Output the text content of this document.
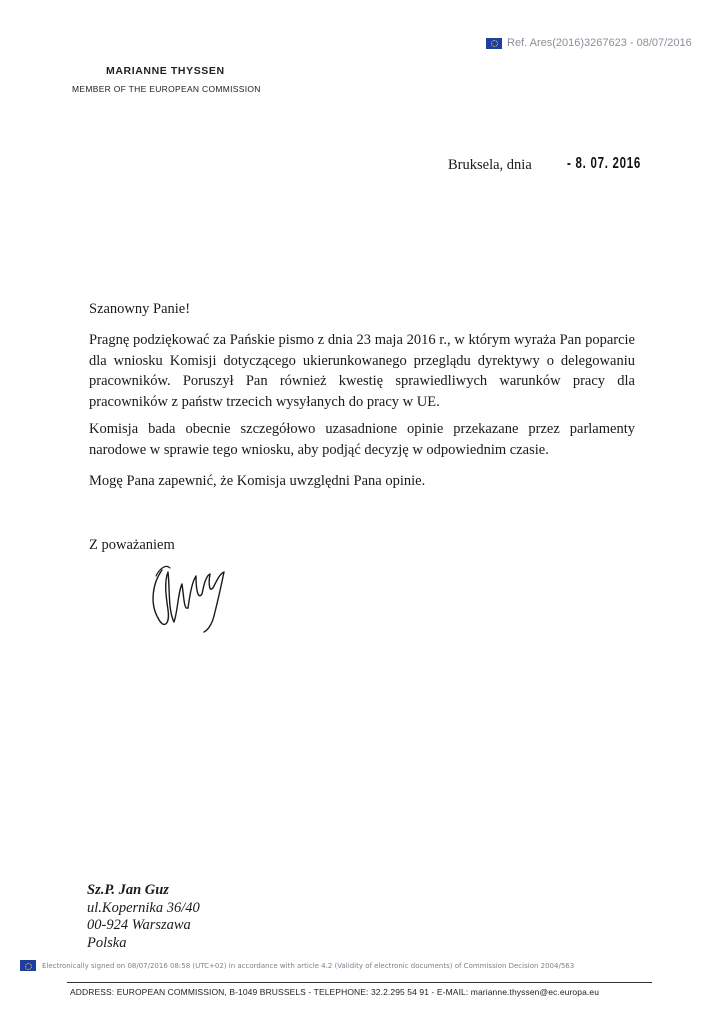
Ref. Ares(2016)3267623 - 08/07/2016
MARIANNE THYSSEN
MEMBER OF THE EUROPEAN COMMISSION
Bruksela, dnia - 8. 07. 2016

Szanowny Panie!

Pragnę podziękować za Pańskie pismo z dnia 23 maja 2016 r., w którym wyraża Pan poparcie dla wniosku Komisji dotyczącego ukierunkowanego przeglądu dyrektywy o delegowaniu pracowników. Poruszył Pan również kwestię sprawiedliwych warunków pracy dla pracowników z państw trzecich wysyłanych do pracy w UE.

Komisja bada obecnie szczegółowo uzasadnione opinie przekazane przez parlamenty narodowe w sprawie tego wniosku, aby podjąć decyzję w odpowiednim czasie.

Mogę Pana zapewnić, że Komisja uwzględni Pana opinie.

Z poważaniem

Sz.P. Jan Guz
ul.Kopernika 36/40
00-924 Warszawa
Polska
Electronically signed on 08/07/2016 08:58 (UTC+02) in accordance with article 4.2 (Validity of electronic documents) of Commission Decision 2004/563
ADDRESS: EUROPEAN COMMISSION, B-1049 BRUSSELS - TELEPHONE: 32.2.295 54 91 - E-MAIL: marianne.thyssen@ec.europa.eu
